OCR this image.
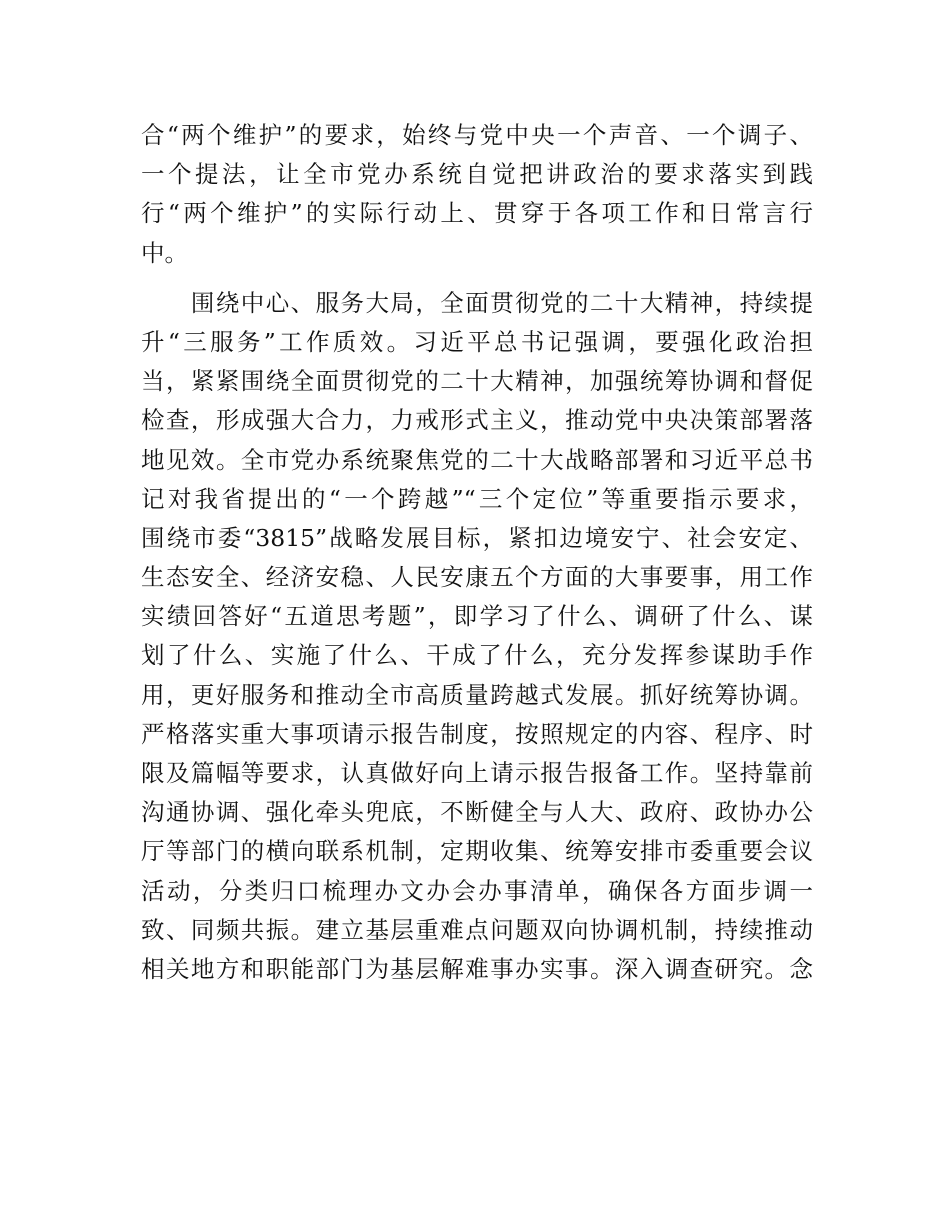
合“两个维护”的要求，始终与党中央一个声音、一个调子、
一个提法，让全市党办系统自觉把讲政治的要求落实到践
行“两个维护”的实际行动上、贯穿于各项工作和日常言行
中。
　　围绕中心、服务大局，全面贯彻党的二十大精神，持续提
升“三服务”工作质效。习近平总书记强调，要强化政治担
当，紧紧围绕全面贯彻党的二十大精神，加强统筹协调和督促
检查，形成强大合力，力戒形式主义，推动党中央决策部署落
地见效。全市党办系统聚焦党的二十大战略部署和习近平总书
记对我省提出的“一个跨越”“三个定位”等重要指示要求，
围绕市委“3815”战略发展目标，紧扣边境安宁、社会安定、
生态安全、经济安稳、人民安康五个方面的大事要事，用工作
实绩回答好“五道思考题”，即学习了什么、调研了什么、谋
划了什么、实施了什么、干成了什么，充分发挥参谋助手作
用，更好服务和推动全市高质量跨越式发展。抓好统筹协调。
严格落实重大事项请示报告制度，按照规定的内容、程序、时
限及篇幅等要求，认真做好向上请示报告报备工作。坚持靠前
沟通协调、强化牵头兜底，不断健全与人大、政府、政协办公
厅等部门的横向联系机制，定期收集、统筹安排市委重要会议
活动，分类归口梳理办文办会办事清单，确保各方面步调一
致、同频共振。建立基层重难点问题双向协调机制，持续推动
相关地方和职能部门为基层解难事办实事。深入调查研究。念
